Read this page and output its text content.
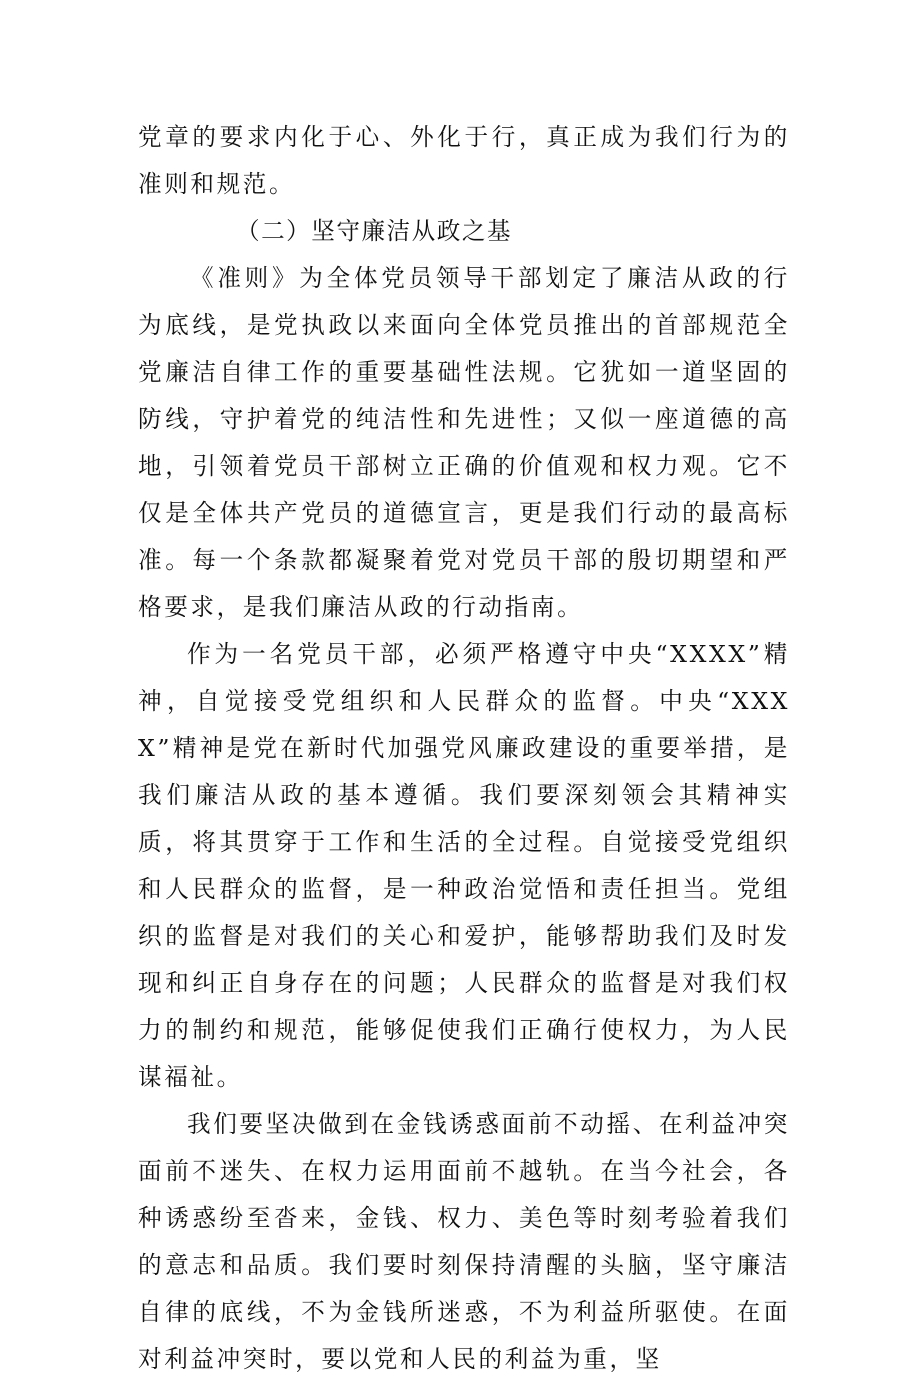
党章的要求内化于心、外化于行，真正成为我们行为的准则和规范。

（二）坚守廉洁从政之基

《准则》为全体党员领导干部划定了廉洁从政的行为底线，是党执政以来面向全体党员推出的首部规范全党廉洁自律工作的重要基础性法规。它犹如一道坚固的防线，守护着党的纯洁性和先进性；又似一座道德的高地，引领着党员干部树立正确的价值观和权力观。它不仅是全体共产党员的道德宣言，更是我们行动的最高标准。每一个条款都凝聚着党对党员干部的殷切期望和严格要求，是我们廉洁从政的行动指南。

作为一名党员干部，必须严格遵守中央“XXXX”精神，自觉接受党组织和人民群众的监督。中央“XXXX”精神是党在新时代加强党风廉政建设的重要举措，是我们廉洁从政的基本遵循。我们要深刻领会其精神实质，将其贯穿于工作和生活的全过程。自觉接受党组织和人民群众的监督，是一种政治觉悟和责任担当。党组织的监督是对我们的关心和爱护，能够帮助我们及时发现和纠正自身存在的问题；人民群众的监督是对我们权力的制约和规范，能够促使我们正确行使权力，为人民谋福祉。

我们要坚决做到在金钱诱惑面前不动摇、在利益冲突面前不迷失、在权力运用面前不越轨。在当今社会，各种诱惑纷至沓来，金钱、权力、美色等时刻考验着我们的意志和品质。我们要时刻保持清醒的头脑，坚守廉洁自律的底线，不为金钱所迷惑，不为利益所驱使。在面对利益冲突时，要以党和人民的利益为重，坚
